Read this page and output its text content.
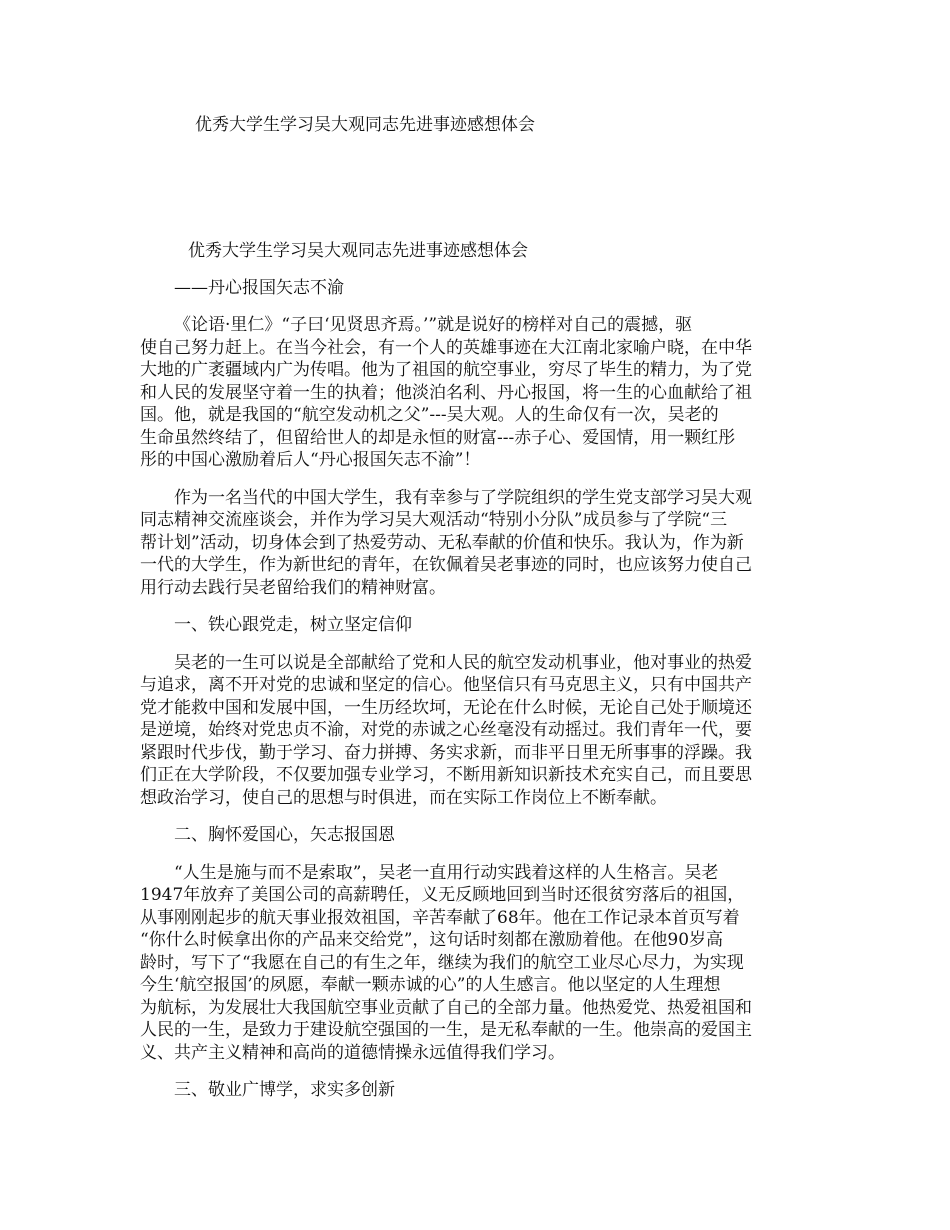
优秀大学生学习吴大观同志先进事迹感想体会
优秀大学生学习吴大观同志先进事迹感想体会
——丹心报国矢志不渝
《论语·里仁》“子曰‘见贤思齐焉。’”就是说好的榜样对自己的震撼，驱
使自己努力赶上。在当今社会，有一个人的英雄事迹在大江南北家喻户晓，在中华
大地的广袤疆域内广为传唱。他为了祖国的航空事业，穷尽了毕生的精力，为了党
和人民的发展坚守着一生的执着；他淡泊名利、丹心报国，将一生的心血献给了祖
国。他，就是我国的“航空发动机之父”---吴大观。人的生命仅有一次，吴老的
生命虽然终结了，但留给世人的却是永恒的财富---赤子心、爱国情，用一颗红彤
彤的中国心激励着后人“丹心报国矢志不渝”！
作为一名当代的中国大学生，我有幸参与了学院组织的学生党支部学习吴大观
同志精神交流座谈会，并作为学习吴大观活动“特别小分队”成员参与了学院“三
帮计划”活动，切身体会到了热爱劳动、无私奉献的价值和快乐。我认为，作为新
一代的大学生，作为新世纪的青年，在钦佩着吴老事迹的同时，也应该努力使自己
用行动去践行吴老留给我们的精神财富。
一、铁心跟党走，树立坚定信仰
吴老的一生可以说是全部献给了党和人民的航空发动机事业，他对事业的热爱
与追求，离不开对党的忠诚和坚定的信心。他坚信只有马克思主义，只有中国共产
党才能救中国和发展中国，一生历经坎坷，无论在什么时候，无论自己处于顺境还
是逆境，始终对党忠贞不渝，对党的赤诚之心丝毫没有动摇过。我们青年一代，要
紧跟时代步伐，勤于学习、奋力拼搏、务实求新，而非平日里无所事事的浮躁。我
们正在大学阶段，不仅要加强专业学习，不断用新知识新技术充实自己，而且要思
想政治学习，使自己的思想与时俱进，而在实际工作岗位上不断奉献。
二、胸怀爱国心，矢志报国恩
“人生是施与而不是索取”，吴老一直用行动实践着这样的人生格言。吴老
1947年放弃了美国公司的高薪聘任，义无反顾地回到当时还很贫穷落后的祖国，
从事刚刚起步的航天事业报效祖国，辛苦奉献了68年。他在工作记录本首页写着
“你什么时候拿出你的产品来交给党”，这句话时刻都在激励着他。在他90岁高
龄时，写下了“我愿在自己的有生之年，继续为我们的航空工业尽心尽力，为实现
今生‘航空报国’的夙愿，奉献一颗赤诚的心”的人生感言。他以坚定的人生理想
为航标，为发展壮大我国航空事业贡献了自己的全部力量。他热爱党、热爱祖国和
人民的一生，是致力于建设航空强国的一生，是无私奉献的一生。他崇高的爱国主
义、共产主义精神和高尚的道德情操永远值得我们学习。
三、敬业广博学，求实多创新
